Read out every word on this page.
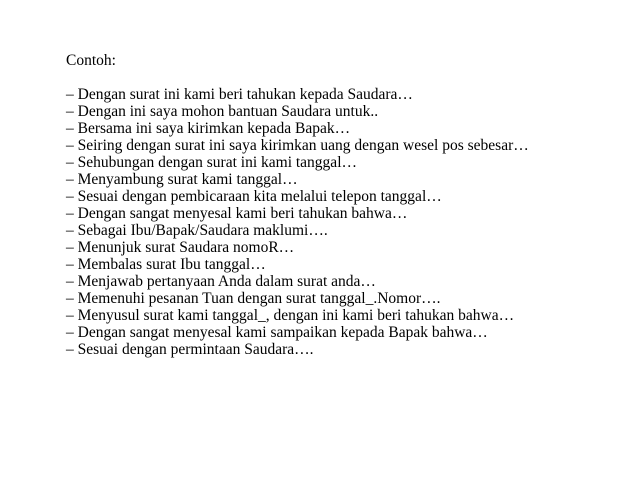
Contoh:

– Dengan surat ini kami beri tahukan kepada Saudara…
– Dengan ini saya mohon bantuan Saudara untuk..
– Bersama ini saya kirimkan kepada Bapak…
– Seiring dengan surat ini saya kirimkan uang dengan wesel pos sebesar…
– Sehubungan dengan surat ini kami tanggal…
– Menyambung surat kami tanggal…
– Sesuai dengan pembicaraan kita melalui telepon tanggal…
– Dengan sangat menyesal kami beri tahukan bahwa…
– Sebagai Ibu/Bapak/Saudara maklumi….
– Menunjuk surat Saudara nomoR…
– Membalas surat Ibu tanggal…
– Menjawab pertanyaan Anda dalam surat anda…
– Memenuhi pesanan Tuan dengan surat tanggal_.Nomor….
– Menyusul surat kami tanggal_, dengan ini kami beri tahukan bahwa…
– Dengan sangat menyesal kami sampaikan kepada Bapak bahwa…
– Sesuai dengan permintaan Saudara….
